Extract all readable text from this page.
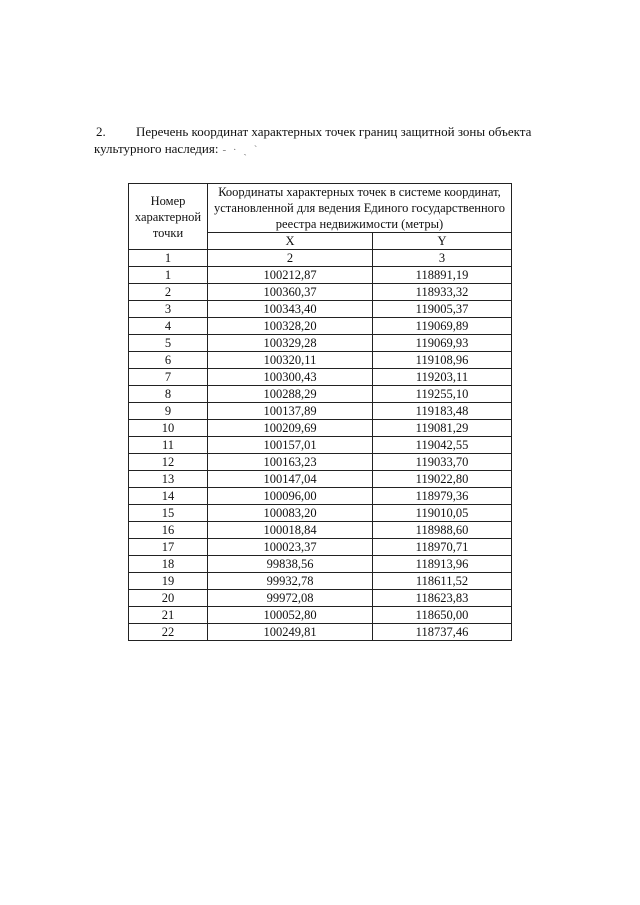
2. Перечень координат характерных точек границ защитной зоны объекта
культурного наследия: - · ˎ ˋ
Номер характерной точки	Координаты характерных точек в системе координат, установленной для ведения Единого государственного реестра недвижимости (метры)	
	X	Y
1	2	3
1	100212,87	118891,19
2	100360,37	118933,32
3	100343,40	119005,37
4	100328,20	119069,89
5	100329,28	119069,93
6	100320,11	119108,96
7	100300,43	119203,11
8	100288,29	119255,10
9	100137,89	119183,48
10	100209,69	119081,29
11	100157,01	119042,55
12	100163,23	119033,70
13	100147,04	119022,80
14	100096,00	118979,36
15	100083,20	119010,05
16	100018,84	118988,60
17	100023,37	118970,71
18	99838,56	118913,96
19	99932,78	118611,52
20	99972,08	118623,83
21	100052,80	118650,00
22	100249,81	118737,46
